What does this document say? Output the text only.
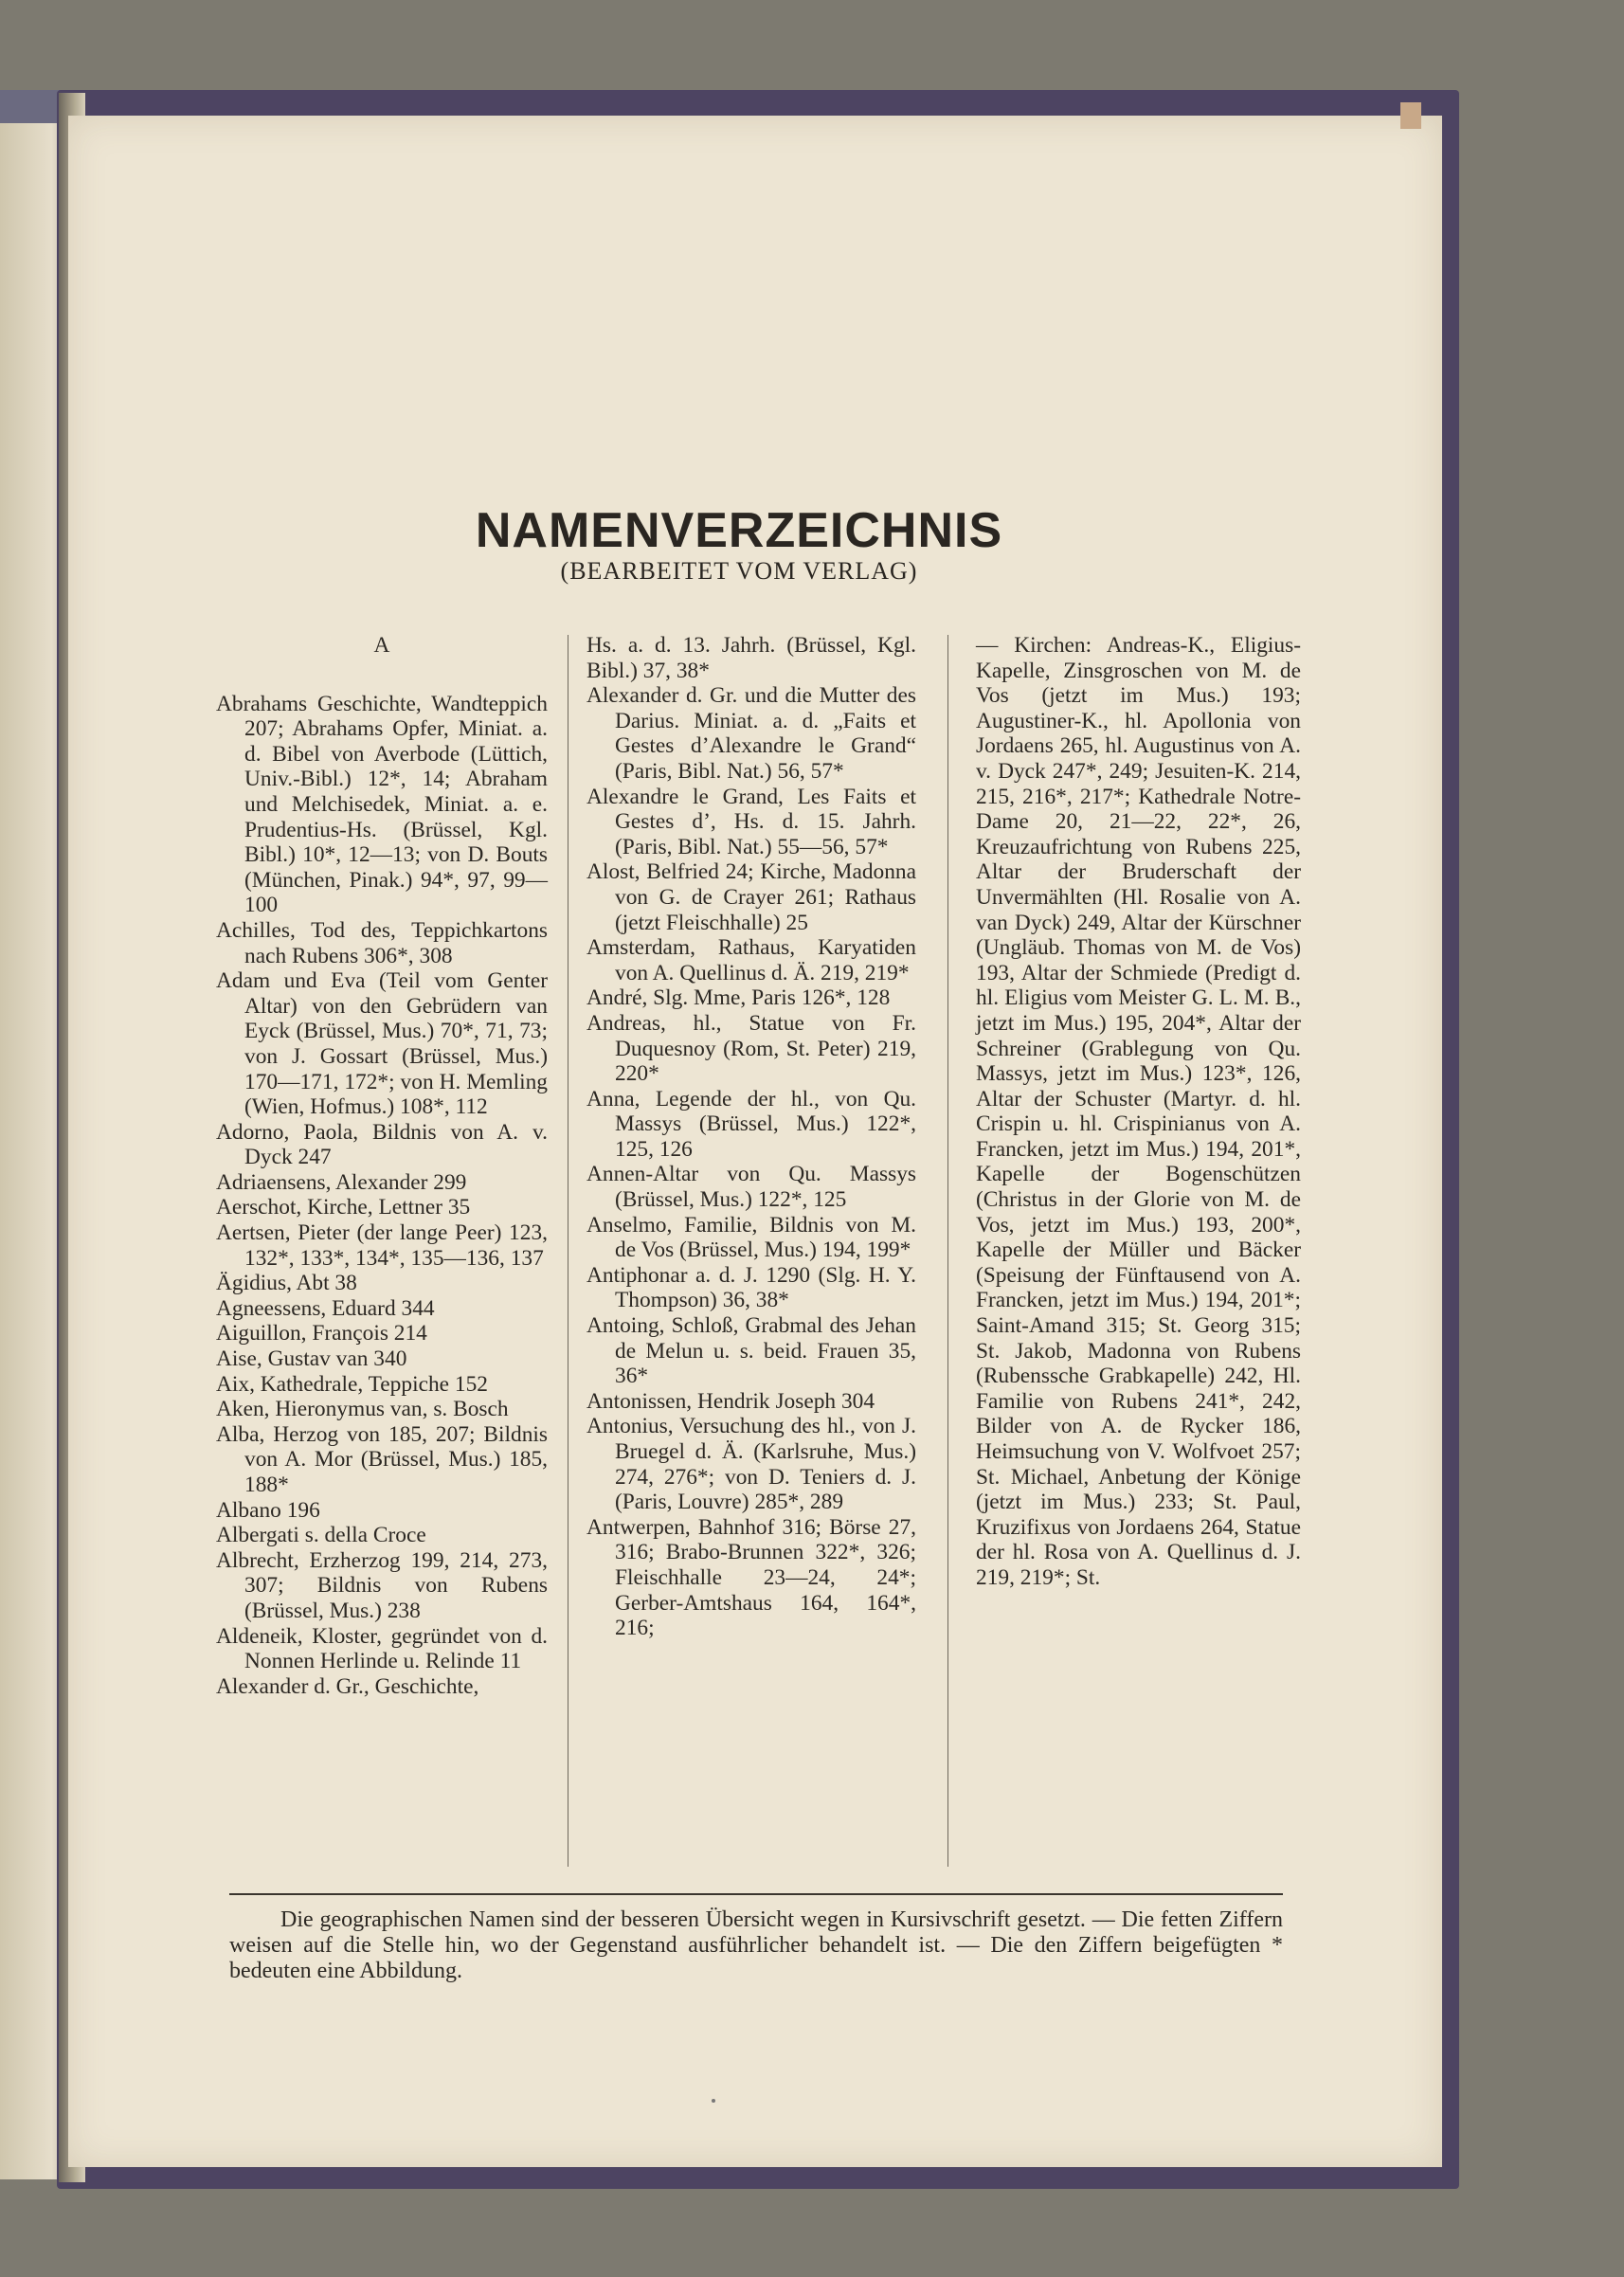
NAMENVERZEICHNIS
(BEARBEITET VOM VERLAG)

A

Abrahams Geschichte, Wandteppich 207; Abrahams Opfer, Miniat. a. d. Bibel von Averbode (Lüttich, Univ.-Bibl.) 12*, 14; Abraham und Melchisedek, Miniat. a. e. Prudentius-Hs. (Brüssel, Kgl. Bibl.) 10*, 12—13; von D. Bouts (München, Pinak.) 94*, 97, 99—100

Achilles, Tod des, Teppichkartons nach Rubens 306*, 308

Adam und Eva (Teil vom Genter Altar) von den Gebrüdern van Eyck (Brüssel, Mus.) 70*, 71, 73; von J. Gossart (Brüssel, Mus.) 170—171, 172*; von H. Memling (Wien, Hofmus.) 108*, 112

Adorno, Paola, Bildnis von A. v. Dyck 247

Adriaensens, Alexander 299

Aerschot, Kirche, Lettner 35

Aertsen, Pieter (der lange Peer) 123, 132*, 133*, 134*, 135—136, 137

Ägidius, Abt 38

Agneessens, Eduard 344

Aiguillon, François 214

Aise, Gustav van 340

Aix, Kathedrale, Teppiche 152

Aken, Hieronymus van, s. Bosch

Alba, Herzog von 185, 207; Bildnis von A. Mor (Brüssel, Mus.) 185, 188*

Albano 196

Albergati s. della Croce

Albrecht, Erzherzog 199, 214, 273, 307; Bildnis von Rubens (Brüssel, Mus.) 238

Aldeneik, Kloster, gegründet von d. Nonnen Herlinde u. Relinde 11

Alexander d. Gr., Geschichte,

Hs. a. d. 13. Jahrh. (Brüssel, Kgl. Bibl.) 37, 38*

Alexander d. Gr. und die Mutter des Darius. Miniat. a. d. „Faits et Gestes d’Alexandre le Grand“ (Paris, Bibl. Nat.) 56, 57*

Alexandre le Grand, Les Faits et Gestes d’, Hs. d. 15. Jahrh. (Paris, Bibl. Nat.) 55—56, 57*

Alost, Belfried 24; Kirche, Madonna von G. de Crayer 261; Rathaus (jetzt Fleischhalle) 25

Amsterdam, Rathaus, Karyatiden von A. Quellinus d. Ä. 219, 219*

André, Slg. Mme, Paris 126*, 128

Andreas, hl., Statue von Fr. Duquesnoy (Rom, St. Peter) 219, 220*

Anna, Legende der hl., von Qu. Massys (Brüssel, Mus.) 122*, 125, 126

Annen-Altar von Qu. Massys (Brüssel, Mus.) 122*, 125

Anselmo, Familie, Bildnis von M. de Vos (Brüssel, Mus.) 194, 199*

Antiphonar a. d. J. 1290 (Slg. H. Y. Thompson) 36, 38*

Antoing, Schloß, Grabmal des Jehan de Melun u. s. beid. Frauen 35, 36*

Antonissen, Hendrik Joseph 304

Antonius, Versuchung des hl., von J. Bruegel d. Ä. (Karlsruhe, Mus.) 274, 276*; von D. Teniers d. J. (Paris, Louvre) 285*, 289

Antwerpen, Bahnhof 316; Börse 27, 316; Brabo-Brunnen 322*, 326; Fleischhalle 23—24, 24*; Gerber-Amtshaus 164, 164*, 216;

— Kirchen: Andreas-K., Eligius-Kapelle, Zinsgroschen von M. de Vos (jetzt im Mus.) 193; Augustiner-K., hl. Apollonia von Jordaens 265, hl. Augustinus von A. v. Dyck 247*, 249; Jesuiten-K. 214, 215, 216*, 217*; Kathedrale Notre-Dame 20, 21—22, 22*, 26, Kreuzaufrichtung von Rubens 225, Altar der Bruderschaft der Unvermählten (Hl. Rosalie von A. van Dyck) 249, Altar der Kürschner (Ungläub. Thomas von M. de Vos) 193, Altar der Schmiede (Predigt d. hl. Eligius vom Meister G. L. M. B., jetzt im Mus.) 195, 204*, Altar der Schreiner (Grablegung von Qu. Massys, jetzt im Mus.) 123*, 126, Altar der Schuster (Martyr. d. hl. Crispin u. hl. Crispinianus von A. Francken, jetzt im Mus.) 194, 201*, Kapelle der Bogenschützen (Christus in der Glorie von M. de Vos, jetzt im Mus.) 193, 200*, Kapelle der Müller und Bäcker (Speisung der Fünftausend von A. Francken, jetzt im Mus.) 194, 201*; Saint-Amand 315; St. Georg 315; St. Jakob, Madonna von Rubens (Rubenssche Grabkapelle) 242, Hl. Familie von Rubens 241*, 242, Bilder von A. de Rycker 186, Heimsuchung von V. Wolfvoet 257; St. Michael, Anbetung der Könige (jetzt im Mus.) 233; St. Paul, Kruzifixus von Jordaens 264, Statue der hl. Rosa von A. Quellinus d. J. 219, 219*; St.

Die geographischen Namen sind der besseren Übersicht wegen in Kursivschrift gesetzt. — Die fetten Ziffern weisen auf die Stelle hin, wo der Gegenstand ausführlicher behandelt ist. — Die den Ziffern beigefügten * bedeuten eine Abbildung.
